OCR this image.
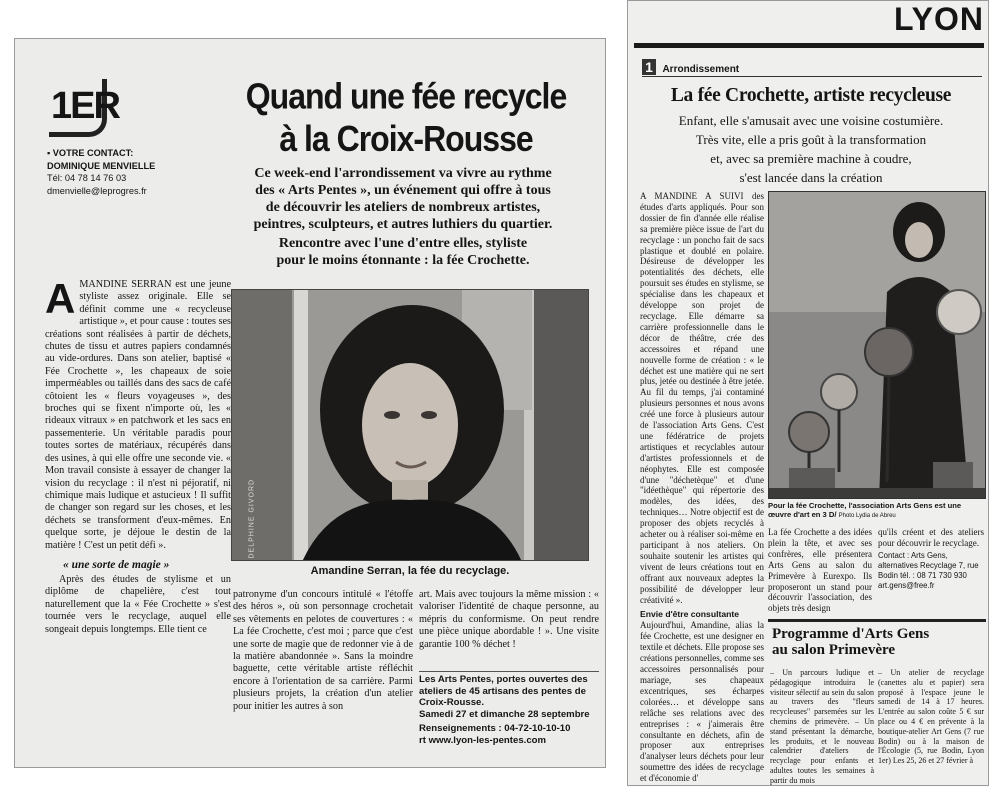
1ER
▪ VOTRE CONTACT:
DOMINIQUE MENVIELLE
Tél: 04 78 14 76 03
dmenvielle@leprogres.fr
Quand une fée recycle
à la Croix-Rousse
Ce week-end l'arrondissement va vivre au rythme
des « Arts Pentes », un événement qui offre à tous
de découvrir les ateliers de nombreux artistes,
peintres, sculpteurs, et autres luthiers du quartier.
Rencontre avec l'une d'entre elles, styliste
pour le moins étonnante : la fée Crochette.
DELPHINE GIVORD
Amandine Serran, la fée du recyclage.
AMANDINE SERRAN est une jeune styliste assez originale. Elle se définit comme une « recycleuse artistique », et pour cause : toutes ses créations sont réalisées à partir de déchets, chutes de tissu et autres papiers condamnés au vide-ordures. Dans son atelier, baptisé « Fée Crochette », les chapeaux de soie imperméables ou taillés dans des sacs de café côtoient les « fleurs voyageuses », des broches qui se fixent n'importe où, les « rideaux vitraux » en patchwork et les sacs en passementerie. Un véritable paradis pour toutes sortes de matériaux, récupérés dans des usines, à qui elle offre une seconde vie. « Mon travail consiste à essayer de changer la vision du recyclage : il n'est ni péjoratif, ni chimique mais ludique et astucieux ! Il suffit de changer son regard sur les choses, et les déchets se transforment d'eux-mêmes. En quelque sorte, je déjoue le destin de la matière ! C'est un petit défi ».
« une sorte de magie »
Après des études de stylisme et un diplôme de chapelière, c'est tout naturellement que la « Fée Crochette » s'est tournée vers le recyclage, auquel elle songeait depuis longtemps. Elle tient ce
patronyme d'un concours intitulé « l'étoffe des héros », où son personnage crochetait ses vêtements en pelotes de couvertures : « La fée Crochette, c'est moi ; parce que c'est une sorte de magie que de redonner vie à de la matière abandonnée ». Sans la moindre baguette, cette véritable artiste réfléchit encore à l'orientation de sa carrière. Parmi plusieurs projets, la création d'un atelier pour initier les autres à son
art. Mais avec toujours la même mission : « valoriser l'identité de chaque personne, au mépris du conformisme. On peut rendre une pièce unique abordable ! ». Une visite garantie 100 % déchet !
Les Arts Pentes, portes ouvertes des ateliers de 45 artisans des pentes de Croix-Rousse.
Samedi 27 et dimanche 28 septembre
Renseignements : 04-72-10-10-10
rt www.lyon-les-pentes.com
LYON
1 Arrondissement
La fée Crochette, artiste recycleuse
Enfant, elle s'amusait avec une voisine costumière.
Très vite, elle a pris goût à la transformation
et, avec sa première machine à coudre,
s'est lancée dans la création
A MANDINE A SUIVI des études d'arts appliqués. Pour son dossier de fin d'année elle réalise sa première pièce issue de l'art du recyclage : un poncho fait de sacs plastique et doublé en polaire. Désireuse de développer les potentialités des déchets, elle poursuit ses études en stylisme, se spécialise dans les chapeaux et développe son projet de recyclage. Elle démarre sa carrière professionnelle dans le décor de théâtre, crée des accessoires et répand une nouvelle forme de création : « le déchet est une matière qui ne sert plus, jetée ou destinée à être jetée. Au fil du temps, j'ai contaminé plusieurs personnes et nous avons créé une force à plusieurs autour de l'association Arts Gens. C'est une fédératrice de projets artistiques et recyclables autour d'artistes professionnels et de néophytes. Elle est composée d'une "déchetèque" et d'une "idéethèque" qui répertorie des modèles, des idées, des techniques… Notre objectif est de proposer des objets recyclés à acheter ou à réaliser soi-même en participant à nos ateliers. On souhaite soutenir les artistes qui vivent de leurs créations tout en offrant aux nouveaux adeptes la possibilité de développer leur créativité ».
Envie d'être consultante
Aujourd'hui, Amandine, alias la fée Crochette, est une designer en textile et déchets. Elle propose ses créations personnelles, comme ses accessoires personnalisés pour mariage, ses chapeaux excentriques, ses écharpes colorées… et développe sans relâche ses relations avec des entreprises : « j'aimerais être consultante en déchets, afin de proposer aux entreprises d'analyser leurs déchets pour leur soumettre des idées de recyclage et d'économie d'
Pour la fée Crochette, l'association Arts Gens est une œuvre d'art en 3 D/ Photo Lydia de Abreu
La fée Crochette a des idées plein la tête, et avec ses confrères, elle présentera Arts Gens au salon du Primevère à Eurexpo. Ils proposeront un stand pour découvrir l'association, des objets très design
qu'ils créent et des ateliers pour découvrir le recyclage.
Contact : Arts Gens, alternatives Recyclage 7, rue Bodin tél. : 08 71 730 930 art.gens@free.fr
Programme d'Arts Gens
au salon Primevère
– Un parcours ludique et pédagogique introduira le visiteur sélectif au sein du salon au travers des "fleurs recycleuses" parsemées sur les chemins de primevère. – Un stand présentant la démarche, les produits, et le nouveau calendrier d'ateliers de recyclage pour enfants et adultes toutes les semaines à partir du mois
– Un atelier de recyclage (canettes alu et papier) sera proposé à l'espace jeune le samedi de 14 à 17 heures. L'entrée au salon coûte 5 € sur place ou 4 € en prévente à la boutique-atelier Art Gens (7 rue Bodin) ou à la maison de l'Écologie (5, rue Bodin, Lyon 1er) Les 25, 26 et 27 février à
